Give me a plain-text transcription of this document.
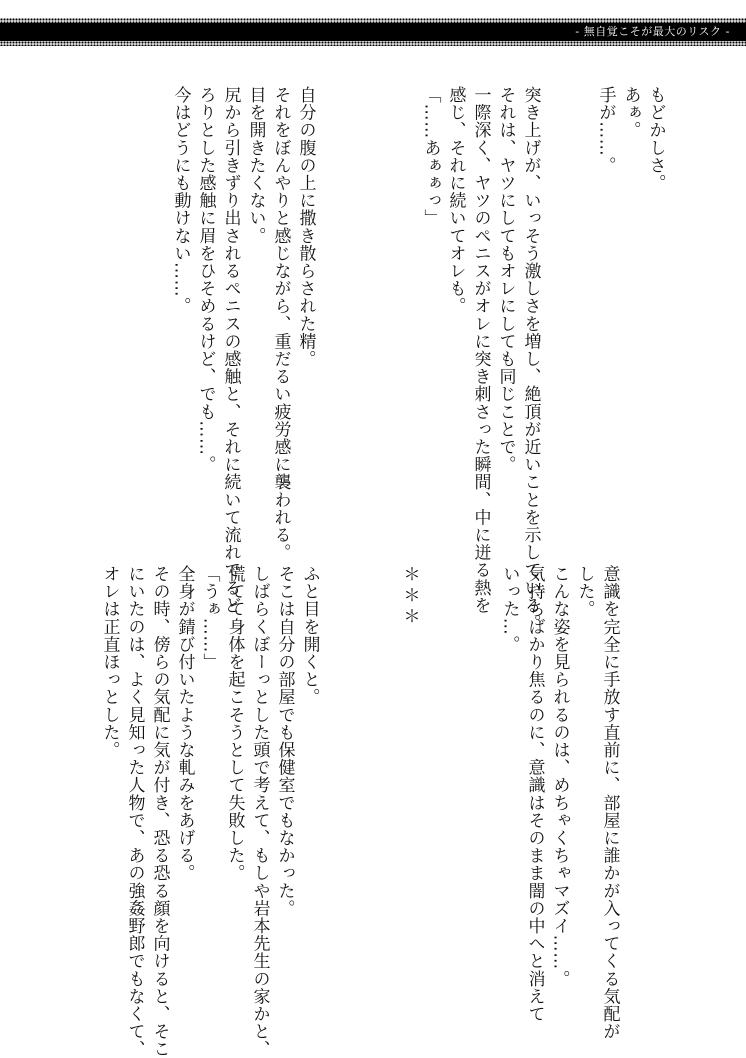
- 無自覚こそが最大のリスク -
もどかしさ。
あぁ。
手が……。
突き上げが、いっそう激しさを増し、絶頂が近いことを示している。
それは、ヤツにしてもオレにしても同じことで。
一際深く、ヤツのペニスがオレに突き刺さった瞬間、中に迸る熱を
感じ、それに続いてオレも。
「……あぁぁっ」
自分の腹の上に撒き散らされた精。
それをぼんやりと感じながら、重だるい疲労感に襲われる。
目を開きたくない。
尻から引きずり出されるペニスの感触と、それに続いて流れでるど
ろりとした感触に眉をひそめるけど、でも……。
今はどうにも動けない……。
意識を完全に手放す直前に、部屋に誰かが入ってくる気配が
した。
こんな姿を見られるのは、めちゃくちゃマズイ……。
気持ちばかり焦るのに、意識はそのまま闇の中へと消えて
いった…。
＊＊＊
ふと目を開くと。
そこは自分の部屋でも保健室でもなかった。
しばらくぼーっとした頭で考えて、もしや岩本先生の家かと、
慌てて身体を起こそうとして失敗した。
「うぁ……」
全身が錆び付いたような軋みをあげる。
その時、傍らの気配に気が付き、恐る恐る顔を向けると、そこ
にいたのは、よく見知った人物で、あの強姦野郎でもなくて、
オレは正直ほっとした。
